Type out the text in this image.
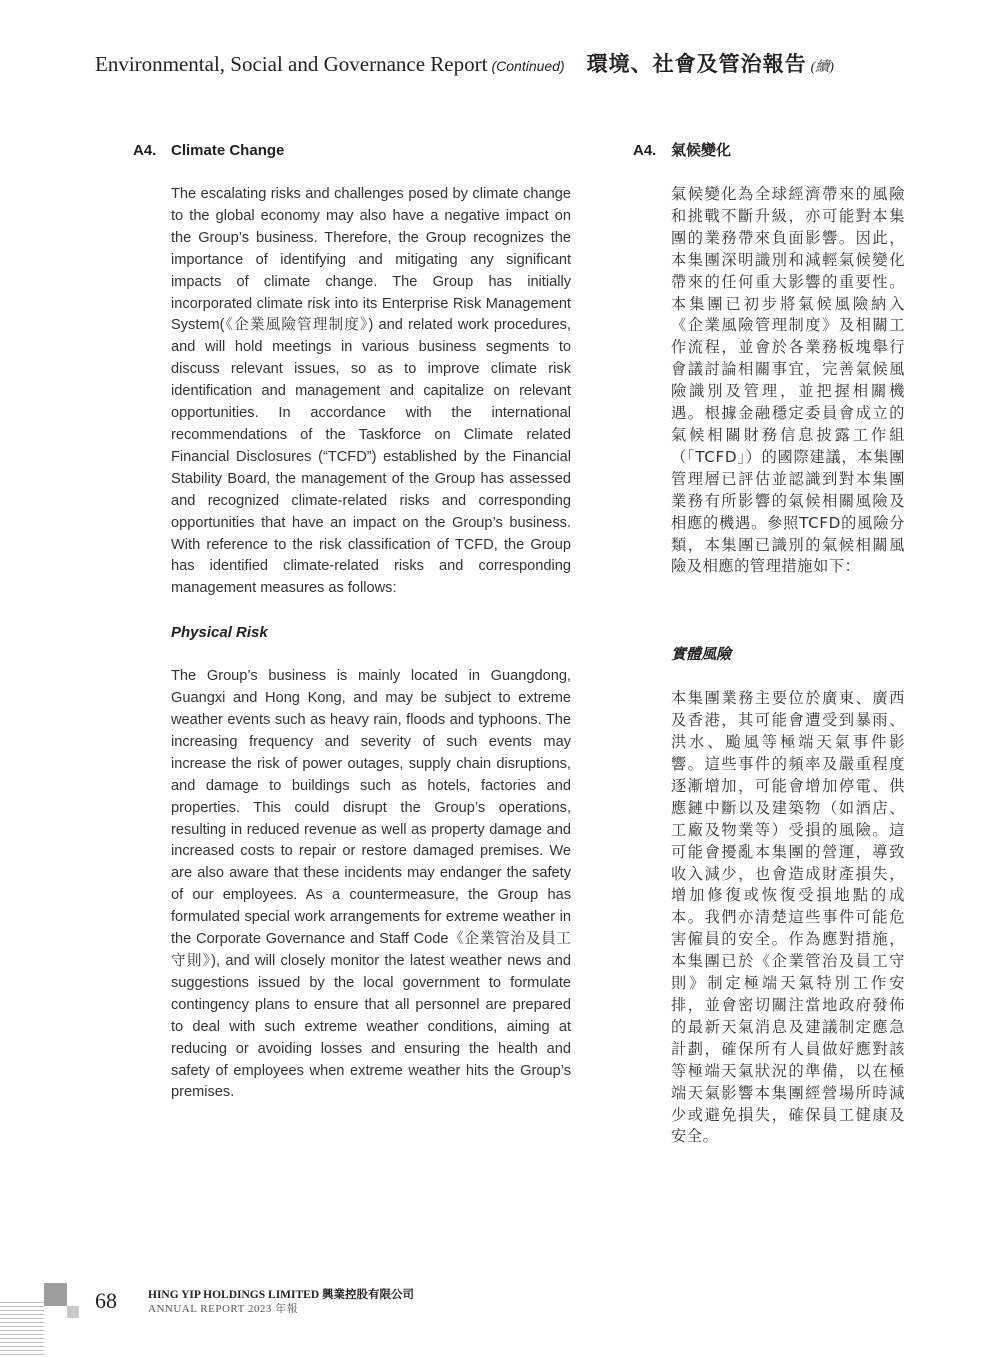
Environmental, Social and Governance Report (Continued) 環境、社會及管治報告 (續)
A4. Climate Change
The escalating risks and challenges posed by climate change to the global economy may also have a negative impact on the Group’s business. Therefore, the Group recognizes the importance of identifying and mitigating any significant impacts of climate change. The Group has initially incorporated climate risk into its Enterprise Risk Management System(《企業風險管理制度》) and related work procedures, and will hold meetings in various business segments to discuss relevant issues, so as to improve climate risk identification and management and capitalize on relevant opportunities. In accordance with the international recommendations of the Taskforce on Climate related Financial Disclosures (“TCFD”) established by the Financial Stability Board, the management of the Group has assessed and recognized climate-related risks and corresponding opportunities that have an impact on the Group’s business. With reference to the risk classification of TCFD, the Group has identified climate-related risks and corresponding management measures as follows:
Physical Risk
The Group’s business is mainly located in Guangdong, Guangxi and Hong Kong, and may be subject to extreme weather events such as heavy rain, floods and typhoons. The increasing frequency and severity of such events may increase the risk of power outages, supply chain disruptions, and damage to buildings such as hotels, factories and properties. This could disrupt the Group’s operations, resulting in reduced revenue as well as property damage and increased costs to repair or restore damaged premises. We are also aware that these incidents may endanger the safety of our employees. As a countermeasure, the Group has formulated special work arrangements for extreme weather in the Corporate Governance and Staff Code《企業管治及員工守則》), and will closely monitor the latest weather news and suggestions issued by the local government to formulate contingency plans to ensure that all personnel are prepared to deal with such extreme weather conditions, aiming at reducing or avoiding losses and ensuring the health and safety of employees when extreme weather hits the Group’s premises.
A4. 氣候變化
氣候變化為全球經濟帶來的風險和挑戰不斷升級，亦可能對本集團的業務帶來負面影響。因此，本集團深明識別和減輕氣候變化帶來的任何重大影響的重要性。本集團已初步將氣候風險納入《企業風險管理制度》及相關工作流程，並會於各業務板塊舉行會議討論相關事宜，完善氣候風險識別及管理，並把握相關機遇。根據金融穩定委員會成立的氣候相關財務信息披露工作組（「TCFD」）的國際建議，本集團管理層已評估並認識到對本集團業務有所影響的氣候相關風險及相應的機遇。參照TCFD的風險分類，本集團已識別的氣候相關風險及相應的管理措施如下：
實體風險
本集團業務主要位於廣東、廣西及香港，其可能會遭受到暴雨、洪水、颱風等極端天氣事件影響。這些事件的頻率及嚴重程度逐漸增加，可能會增加停電、供應鏈中斷以及建築物（如酒店、工廠及物業等）受損的風險。這可能會擾亂本集團的營運，導致收入減少，也會造成財產損失，增加修復或恢復受損地點的成本。我們亦清楚這些事件可能危害僱員的安全。作為應對措施，本集團已於《企業管治及員工守則》制定極端天氣特別工作安排，並會密切關注當地政府發佈的最新天氣消息及建議制定應急計劃，確保所有人員做好應對該等極端天氣狀況的準備，以在極端天氣影響本集團經營場所時減少或避免損失，確保員工健康及安全。
68	HING YIP HOLDINGS LIMITED 興業控股有限公司
ANNUAL REPORT 2023 年報
